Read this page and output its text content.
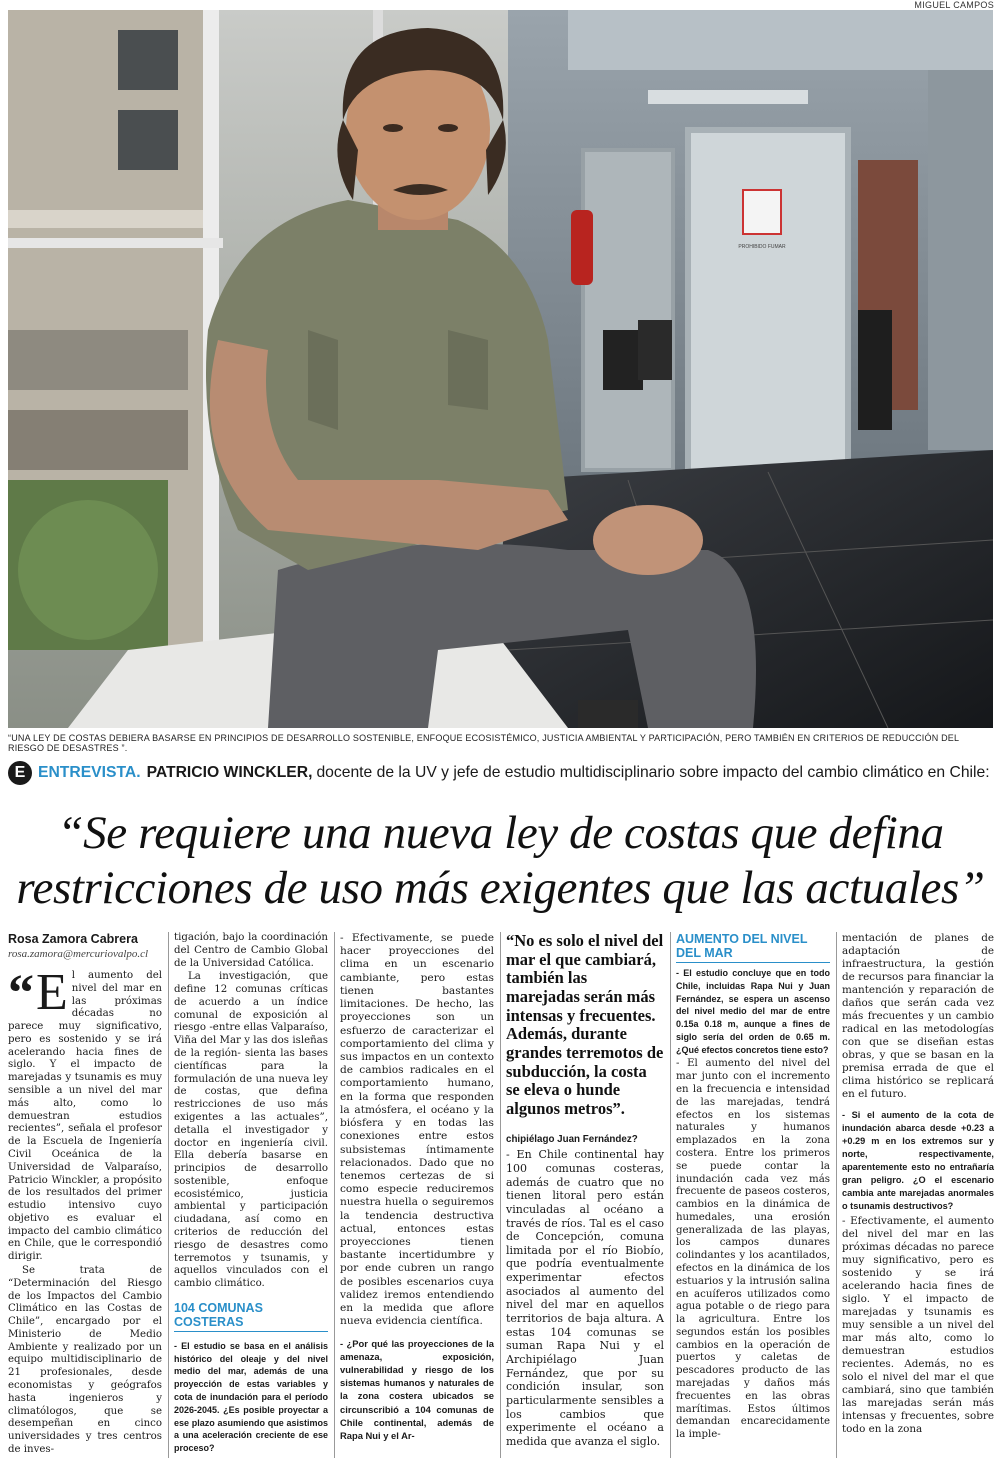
MIGUEL CAMPOS
PROHIBIDO FUMAR
“UNA LEY DE COSTAS DEBIERA BASARSE EN PRINCIPIOS DE DESARROLLO SOSTENIBLE, ENFOQUE ECOSISTÉMICO, JUSTICIA AMBIENTAL Y PARTICIPACIÓN, PERO TAMBIÉN EN CRITERIOS DE REDUCCIÓN DEL RIESGO DE DESASTRES ”.
E ENTREVISTA. PATRICIO WINCKLER, docente de la UV y jefe de estudio multidisciplinario sobre impacto del cambio climático en Chile:
“Se requiere una nueva ley de costas que defina
restricciones de uso más exigentes que las actuales”
Rosa Zamora Cabrera
rosa.zamora@mercuriovalpo.cl

“ E l aumento del nivel del mar en las próximas décadas no parece muy significativo, pero es sostenido y se irá acelerando hacia fines de siglo. Y el impacto de marejadas y tsunamis es muy sensible a un nivel del mar más alto, como lo demuestran estudios recientes”, señala el profesor de la Escuela de Ingeniería Civil Oceánica de la Universidad de Valparaíso, Patricio Winckler, a propósito de los resultados del primer estudio intensivo cuyo objetivo es evaluar el impacto del cambio climático en Chile, que le correspondió dirigir.

Se trata de “Determinación del Riesgo de los Impactos del Cambio Climático en las Costas de Chile”, encargado por el Ministerio de Medio Ambiente y realizado por un equipo multidisciplinario de 21 profesionales, desde economistas y geógrafos hasta ingenieros y climatólogos, que se desempeñan en cinco universidades y tres centros de inves-

tigación, bajo la coordinación del Centro de Cambio Global de la Universidad Católica.

La investigación, que define 12 comunas críticas de acuerdo a un índice comunal de exposición al riesgo -entre ellas Valparaíso, Viña del Mar y las dos isleñas de la región- sienta las bases científicas para la formulación de una nueva ley de costas, que defina restricciones de uso más exigentes a las actuales”, detalla el investigador y doctor en ingeniería civil. Ella debería basarse en principios de desarrollo sostenible, enfoque ecosistémico, justicia ambiental y participación ciudadana, así como en criterios de reducción del riesgo de desastres como terremotos y tsunamis, y aquellos vinculados con el cambio climático.

104 COMUNAS COSTERAS
- El estudio se basa en el análisis histórico del oleaje y del nivel medio del mar, además de una proyección de estas variables y cota de inundación para el período 2026-2045. ¿Es posible proyectar a ese plazo asumiendo que asistimos a una aceleración creciente de ese proceso?

- Efectivamente, se puede hacer proyecciones del clima en un escenario cambiante, pero estas tienen bastantes limitaciones. De hecho, las proyecciones son un esfuerzo de caracterizar el comportamiento del clima y sus impactos en un contexto de cambios radicales en el comportamiento humano, en la forma que responden la atmósfera, el océano y la biósfera y en todas las conexiones entre estos subsistemas íntimamente relacionados. Dado que no tenemos certezas de si como especie reduciremos nuestra huella o seguiremos la tendencia destructiva actual, entonces estas proyecciones tienen bastante incertidumbre y por ende cubren un rango de posibles escenarios cuya validez iremos entendiendo en la medida que aflore nueva evidencia científica.

- ¿Por qué las proyecciones de la amenaza, exposición, vulnerabilidad y riesgo de los sistemas humanos y naturales de la zona costera ubicados se circunscribió a 104 comunas de Chile continental, además de Rapa Nui y el Ar-
“No es solo el nivel del mar el que cambiará, también las marejadas serán más intensas y frecuentes. Además, durante grandes terremotos de subducción, la costa se eleva o hunde algunos metros”.
chipiélago Juan Fernández?

- En Chile continental hay 100 comunas costeras, además de cuatro que no tienen litoral pero están vinculadas al océano a través de ríos. Tal es el caso de Concepción, comuna limitada por el río Biobío, que podría eventualmente experimentar efectos asociados al aumento del nivel del mar en aquellos territorios de baja altura. A estas 104 comunas se suman Rapa Nui y el Archipiélago Juan Fernández, que por su condición insular, son particularmente sensibles a los cambios que experimente el océano a medida que avanza el siglo.

AUMENTO DEL NIVEL DEL MAR
- El estudio concluye que en todo Chile, incluidas Rapa Nui y Juan Fernández, se espera un ascenso del nivel medio del mar de entre 0.15a 0.18 m, aunque a fines de siglo sería del orden de 0.65 m. ¿Qué efectos concretos tiene esto?

- El aumento del nivel del mar junto con el incremento en la frecuencia e intensidad de las marejadas, tendrá efectos en los sistemas naturales y humanos emplazados en la zona costera. Entre los primeros se puede contar la inundación cada vez más frecuente de paseos costeros, cambios en la dinámica de humedales, una erosión generalizada de las playas, los campos dunares colindantes y los acantilados, efectos en la dinámica de los estuarios y la intrusión salina en acuíferos utilizados como agua potable o de riego para la agricultura. Entre los segundos están los posibles cambios en la operación de puertos y caletas de pescadores producto de las marejadas y daños más frecuentes en las obras marítimas. Estos últimos demandan encarecidamente la imple-

mentación de planes de adaptación de infraestructura, la gestión de recursos para financiar la mantención y reparación de daños que serán cada vez más frecuentes y un cambio radical en las metodologías con que se diseñan estas obras, y que se basan en la premisa errada de que el clima histórico se replicará en el futuro.

- Si el aumento de la cota de inundación abarca desde +0.23 a +0.29 m en los extremos sur y norte, respectivamente, aparentemente esto no entrañaría gran peligro. ¿O el escenario cambia ante marejadas anormales o tsunamis destructivos?

- Efectivamente, el aumento del nivel del mar en las próximas décadas no parece muy significativo, pero es sostenido y se irá acelerando hacia fines de siglo. Y el impacto de marejadas y tsunamis es muy sensible a un nivel del mar más alto, como lo demuestran estudios recientes. Además, no es solo el nivel del mar el que cambiará, sino que también las marejadas serán más intensas y frecuentes, sobre todo en la zona
